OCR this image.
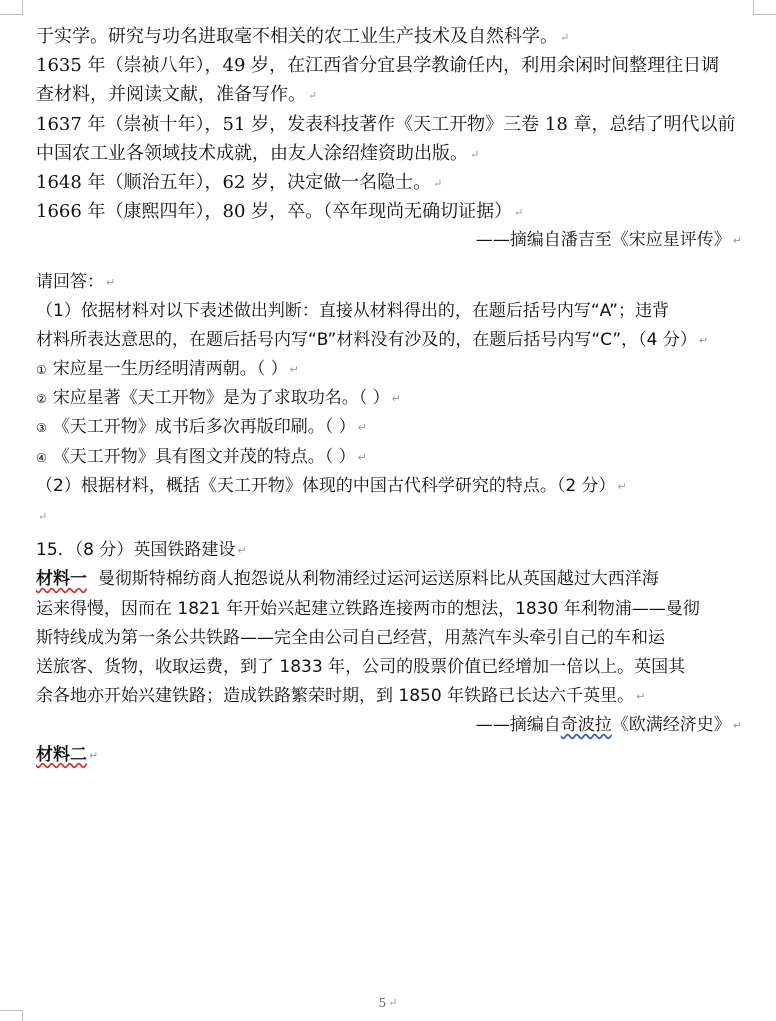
于实学。研究与功名进取毫不相关的农工业生产技术及自然科学。 ↵
1635 年（崇祯八年），49 岁，在江西省分宜县学教谕任内，利用余闲时间整理往日调
查材料，并阅读文献，准备写作。 ↵
1637 年（崇祯十年），51 岁，发表科技著作《天工开物》三卷 18 章，总结了明代以前
中国农工业各领域技术成就，由友人涂绍煃资助出版。 ↵
1648 年（顺治五年），62 岁，决定做一名隐士。 ↵
1666 年（康熙四年），80 岁，卒。（卒年现尚无确切证据） ↵
——摘编自潘吉至《宋应星评传》 ↵
请回答： ↵
（1）依据材料对以下表述做出判断：直接从材料得出的，在题后括号内写“A”；违背
材料所表达意思的，在题后括号内写“B”材料没有沙及的，在题后括号内写“C”，（4 分） ↵
① 宋应星一生历经明清两朝。（ ） ↵
② 宋应星著《天工开物》是为了求取功名。（ ） ↵
③ 《天工开物》成书后多次再版印刷。（ ） ↵
④ 《天工开物》具有图文并茂的特点。（ ） ↵
（2）根据材料，概括《天工开物》体现的中国古代科学研究的特点。（2 分） ↵
↵
15．（8 分）英国铁路建设 ↵
材料一 曼彻斯特棉纺商人抱怨说从利物浦经过运河运送原料比从英国越过大西洋海
运来得慢，因而在 1821 年开始兴起建立铁路连接两市的想法，1830 年利物浦——曼彻
斯特线成为第一条公共铁路——完全由公司自己经营，用蒸汽车头牵引自己的车和运
送旅客、货物，收取运费，到了 1833 年，公司的股票价值已经增加一倍以上。英国其
余各地亦开始兴建铁路；造成铁路繁荣时期，到 1850 年铁路已长达六千英里。 ↵
——摘编自奇波拉《欧满经济史》 ↵
材料二 ↵
5 ↵
